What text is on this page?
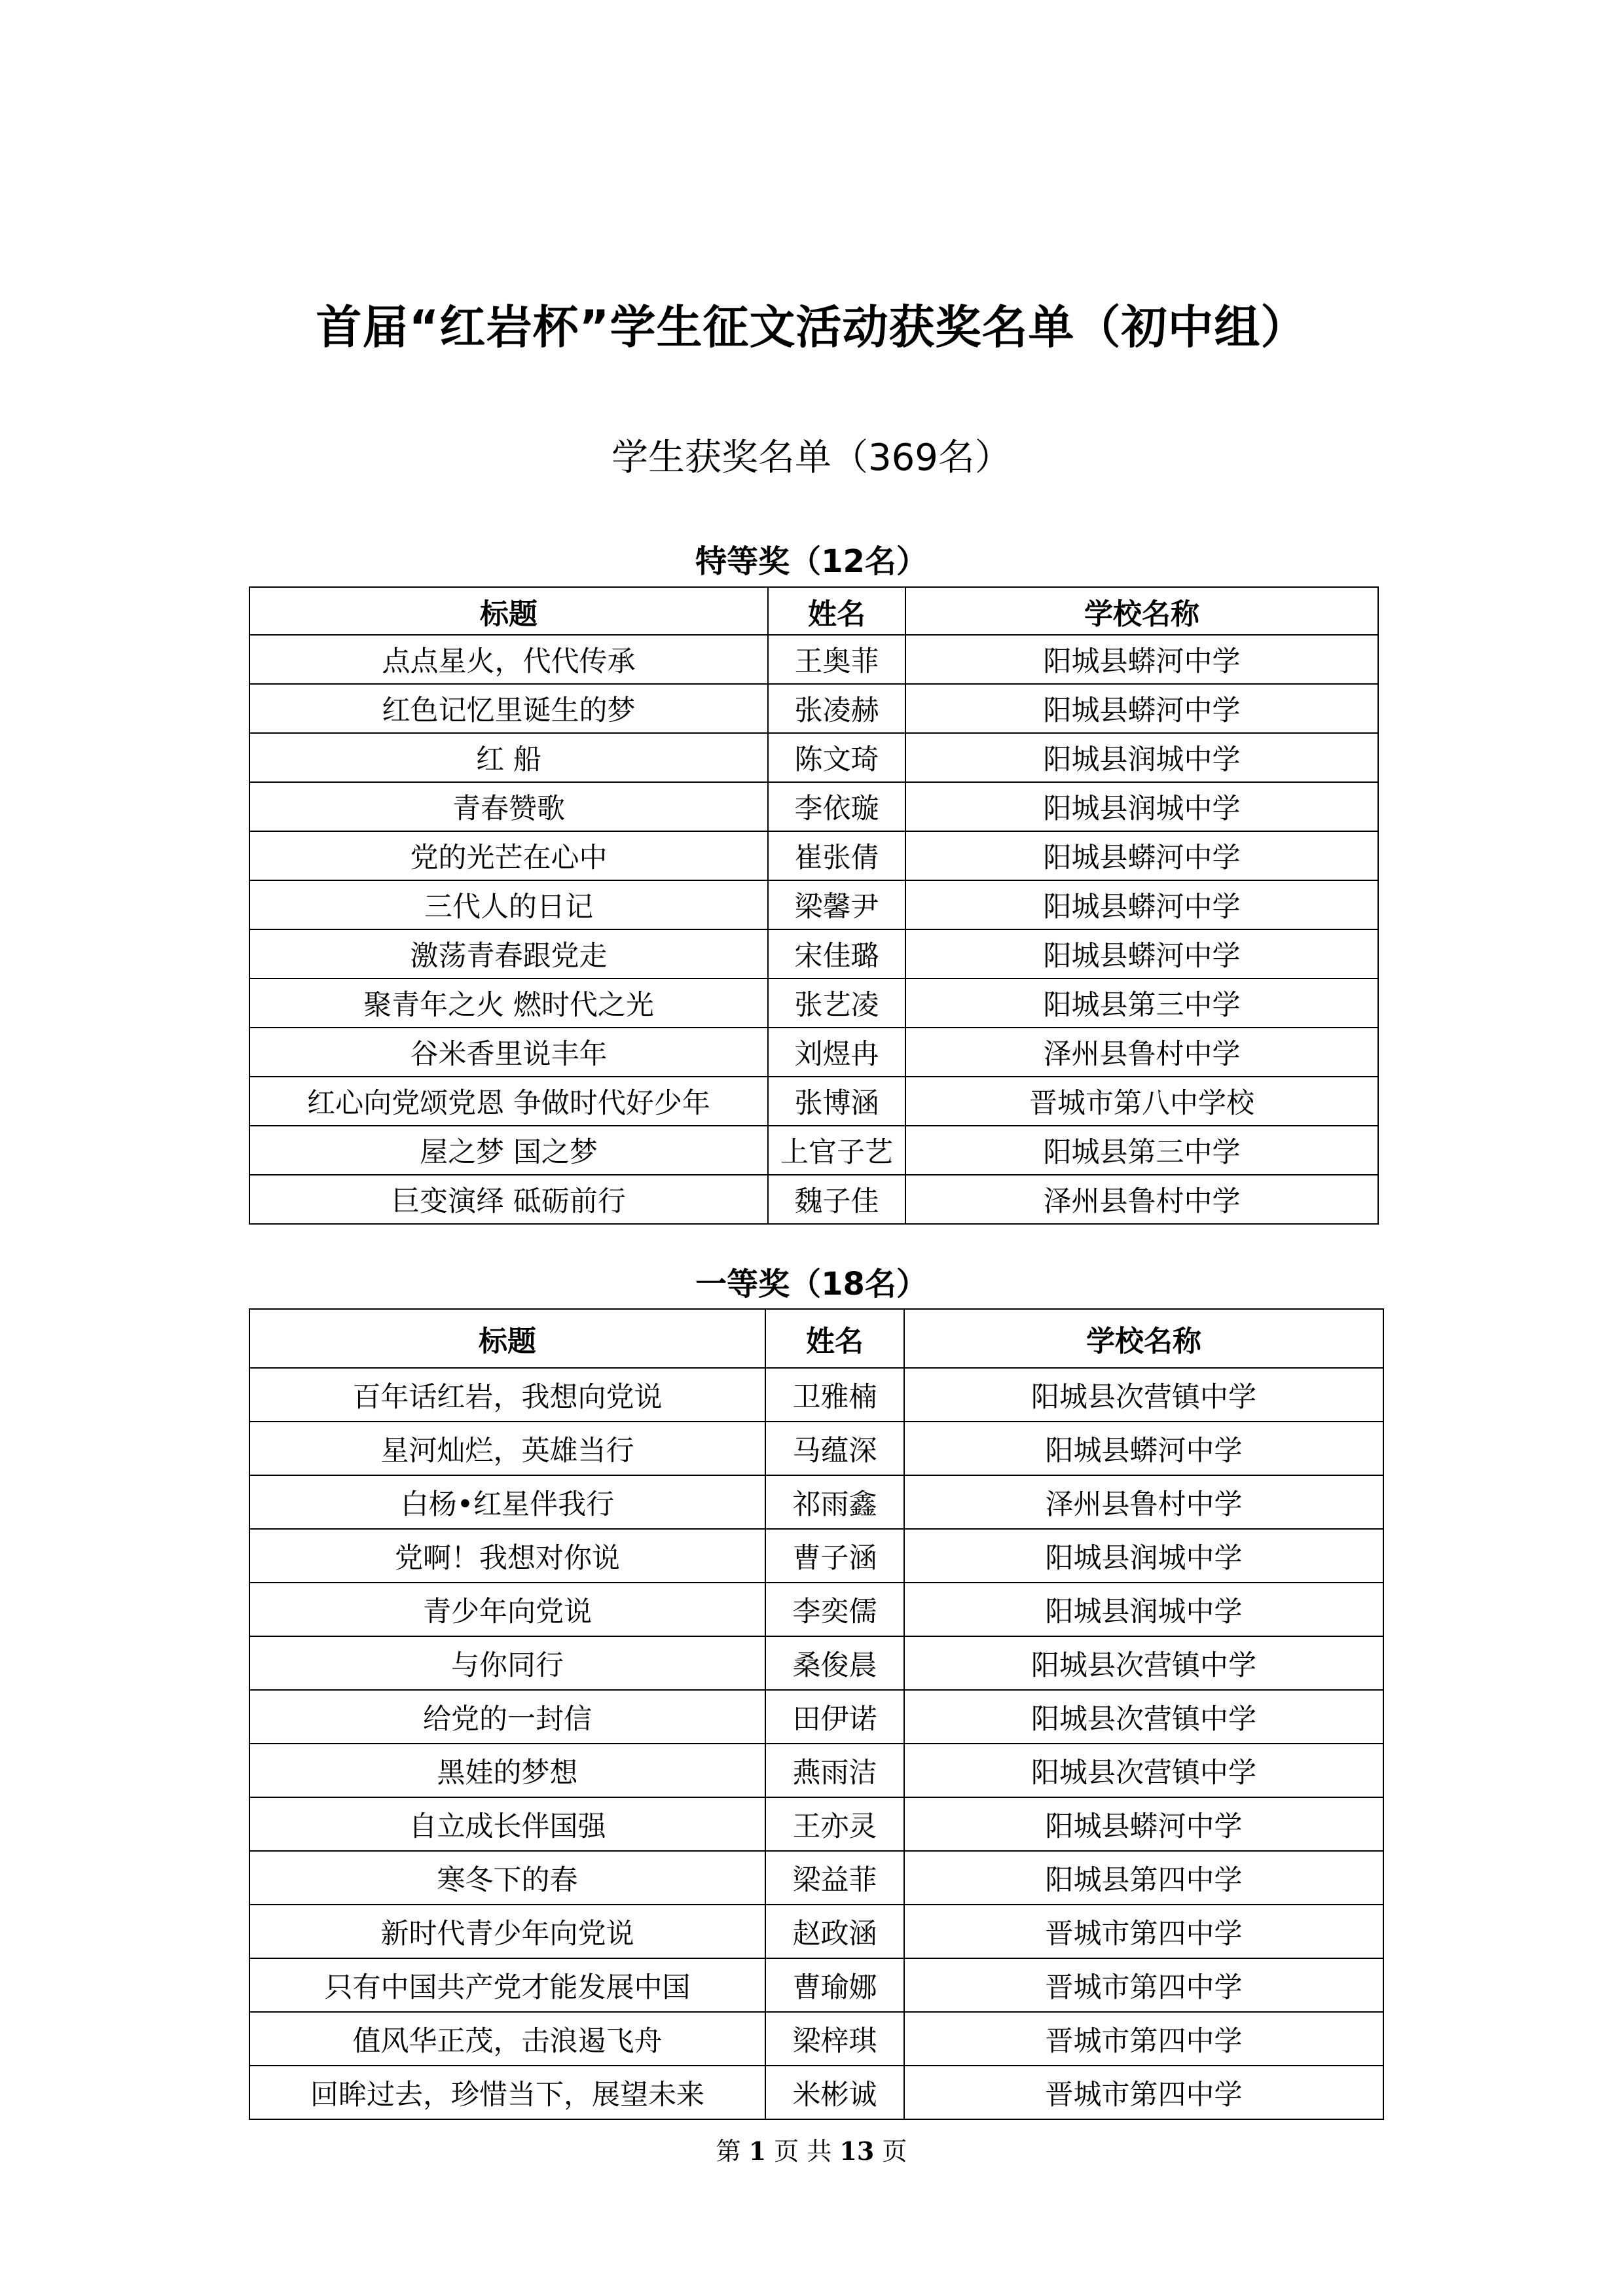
首届“红岩杯”学生征文活动获奖名单（初中组）
学生获奖名单（369名）
特等奖（12名）
标题	姓名	学校名称
点点星火，代代传承	王奥菲	阳城县蟒河中学
红色记忆里诞生的梦	张凌赫	阳城县蟒河中学
红 船	陈文琦	阳城县润城中学
青春赞歌	李依璇	阳城县润城中学
党的光芒在心中	崔张倩	阳城县蟒河中学
三代人的日记	梁馨尹	阳城县蟒河中学
激荡青春跟党走	宋佳璐	阳城县蟒河中学
聚青年之火 燃时代之光	张艺凌	阳城县第三中学
谷米香里说丰年	刘煜冉	泽州县鲁村中学
红心向党颂党恩 争做时代好少年	张博涵	晋城市第八中学校
屋之梦 国之梦	上官子艺	阳城县第三中学
巨变演绎 砥砺前行	魏子佳	泽州县鲁村中学
一等奖（18名）
标题	姓名	学校名称
百年话红岩，我想向党说	卫雅楠	阳城县次营镇中学
星河灿烂，英雄当行	马蕴深	阳城县蟒河中学
白杨•红星伴我行	祁雨鑫	泽州县鲁村中学
党啊！我想对你说	曹子涵	阳城县润城中学
青少年向党说	李奕儒	阳城县润城中学
与你同行	桑俊晨	阳城县次营镇中学
给党的一封信	田伊诺	阳城县次营镇中学
黑娃的梦想	燕雨洁	阳城县次营镇中学
自立成长伴国强	王亦灵	阳城县蟒河中学
寒冬下的春	梁益菲	阳城县第四中学
新时代青少年向党说	赵政涵	晋城市第四中学
只有中国共产党才能发展中国	曹瑜娜	晋城市第四中学
值风华正茂，击浪遏飞舟	梁梓琪	晋城市第四中学
回眸过去，珍惜当下，展望未来	米彬诚	晋城市第四中学
第 1 页 共 13 页
